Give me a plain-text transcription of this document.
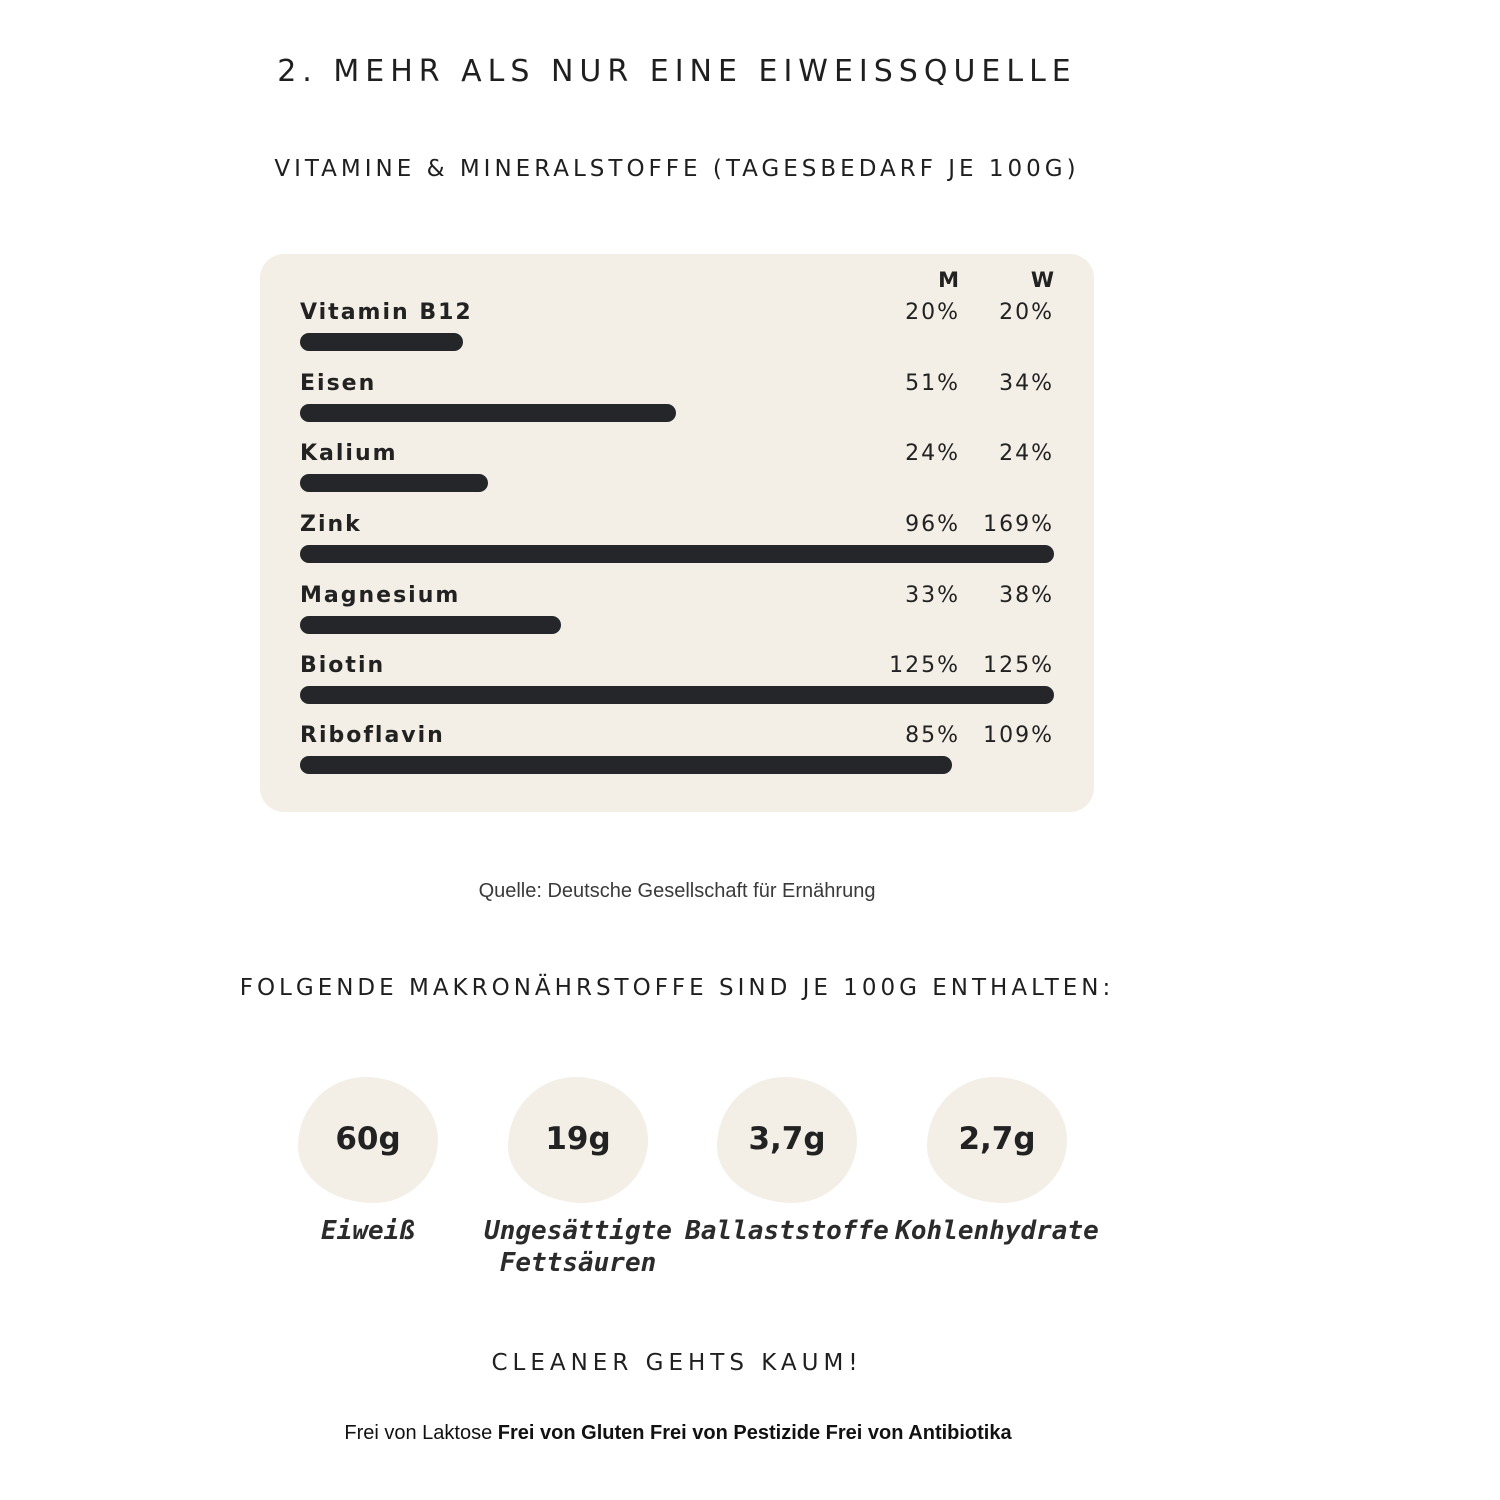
2. MEHR ALS NUR EINE EIWEISSQUELLE
VITAMINE & MINERALSTOFFE (TAGESBEDARF JE 100G)
M	W
Vitamin B12	20%	20%
Eisen	51%	34%
Kalium	24%	24%
Zink	96%	169%
Magnesium	33%	38%
Biotin	125%	125%
Riboflavin	85%	109%
Quelle: Deutsche Gesellschaft für Ernährung
FOLGENDE MAKRONÄHRSTOFFE SIND JE 100G ENTHALTEN:
60g
Eiweiß
19g
Ungesättigte
Fettsäuren
3,7g
Ballaststoffe
2,7g
Kohlenhydrate
CLEANER GEHTS KAUM!
Frei von Laktose Frei von Gluten Frei von Pestizide Frei von Antibiotika
